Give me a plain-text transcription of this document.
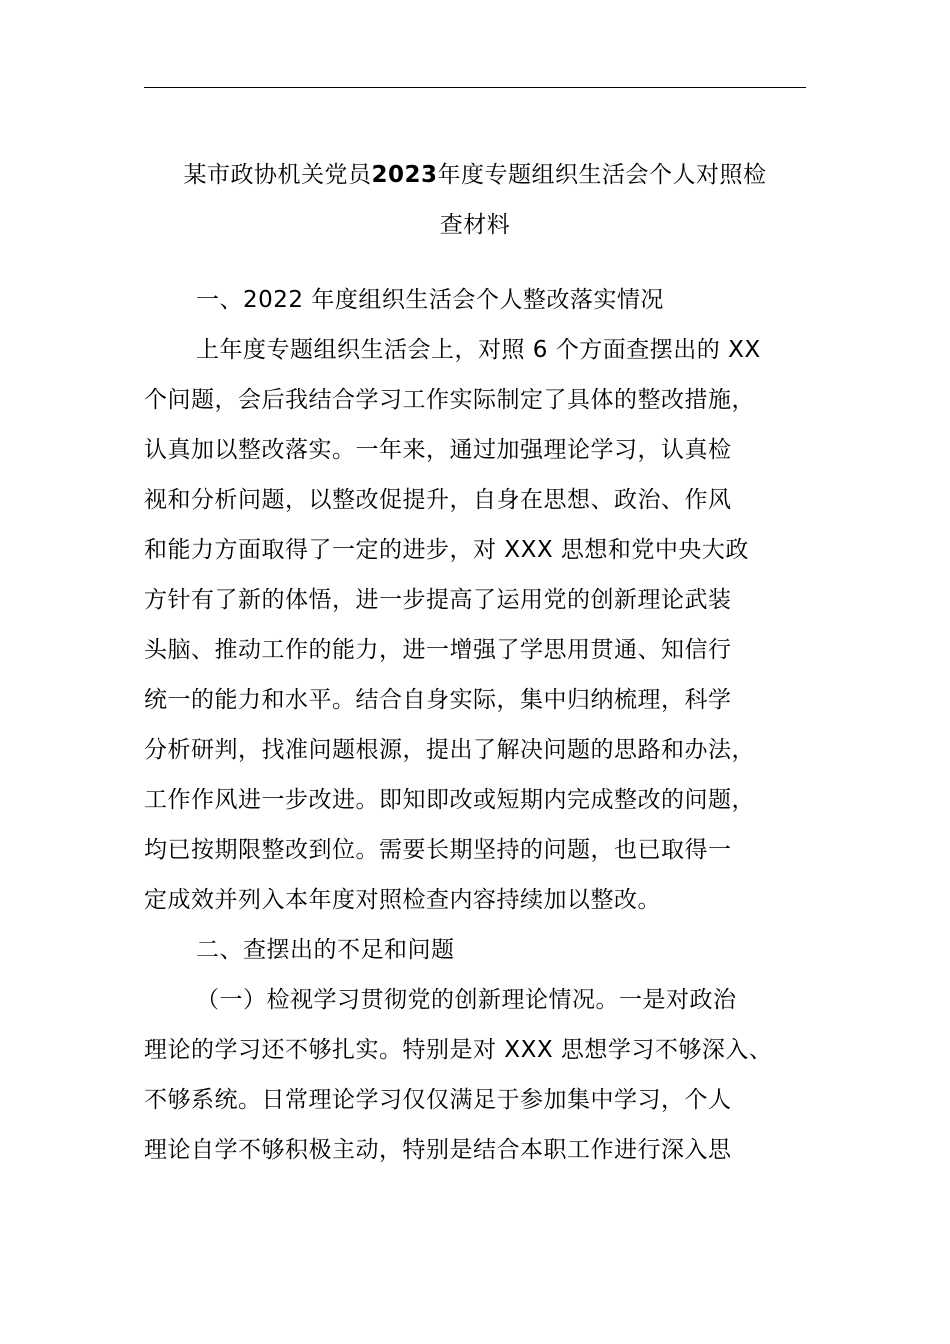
某市政协机关党员2023年度专题组织生活会个人对照检
查材料
一、2022 年度组织生活会个人整改落实情况
上年度专题组织生活会上，对照 6 个方面查摆出的 XX
个问题，会后我结合学习工作实际制定了具体的整改措施，
认真加以整改落实。一年来，通过加强理论学习，认真检
视和分析问题，以整改促提升，自身在思想、政治、作风
和能力方面取得了一定的进步，对 XXX 思想和党中央大政
方针有了新的体悟，进一步提高了运用党的创新理论武装
头脑、推动工作的能力，进一增强了学思用贯通、知信行
统一的能力和水平。结合自身实际，集中归纳梳理，科学
分析研判，找准问题根源，提出了解决问题的思路和办法，
工作作风进一步改进。即知即改或短期内完成整改的问题，
均已按期限整改到位。需要长期坚持的问题，也已取得一
定成效并列入本年度对照检查内容持续加以整改。
二、查摆出的不足和问题
（一）检视学习贯彻党的创新理论情况。一是对政治
理论的学习还不够扎实。特别是对 XXX 思想学习不够深入、
不够系统。日常理论学习仅仅满足于参加集中学习，个人
理论自学不够积极主动，特别是结合本职工作进行深入思
